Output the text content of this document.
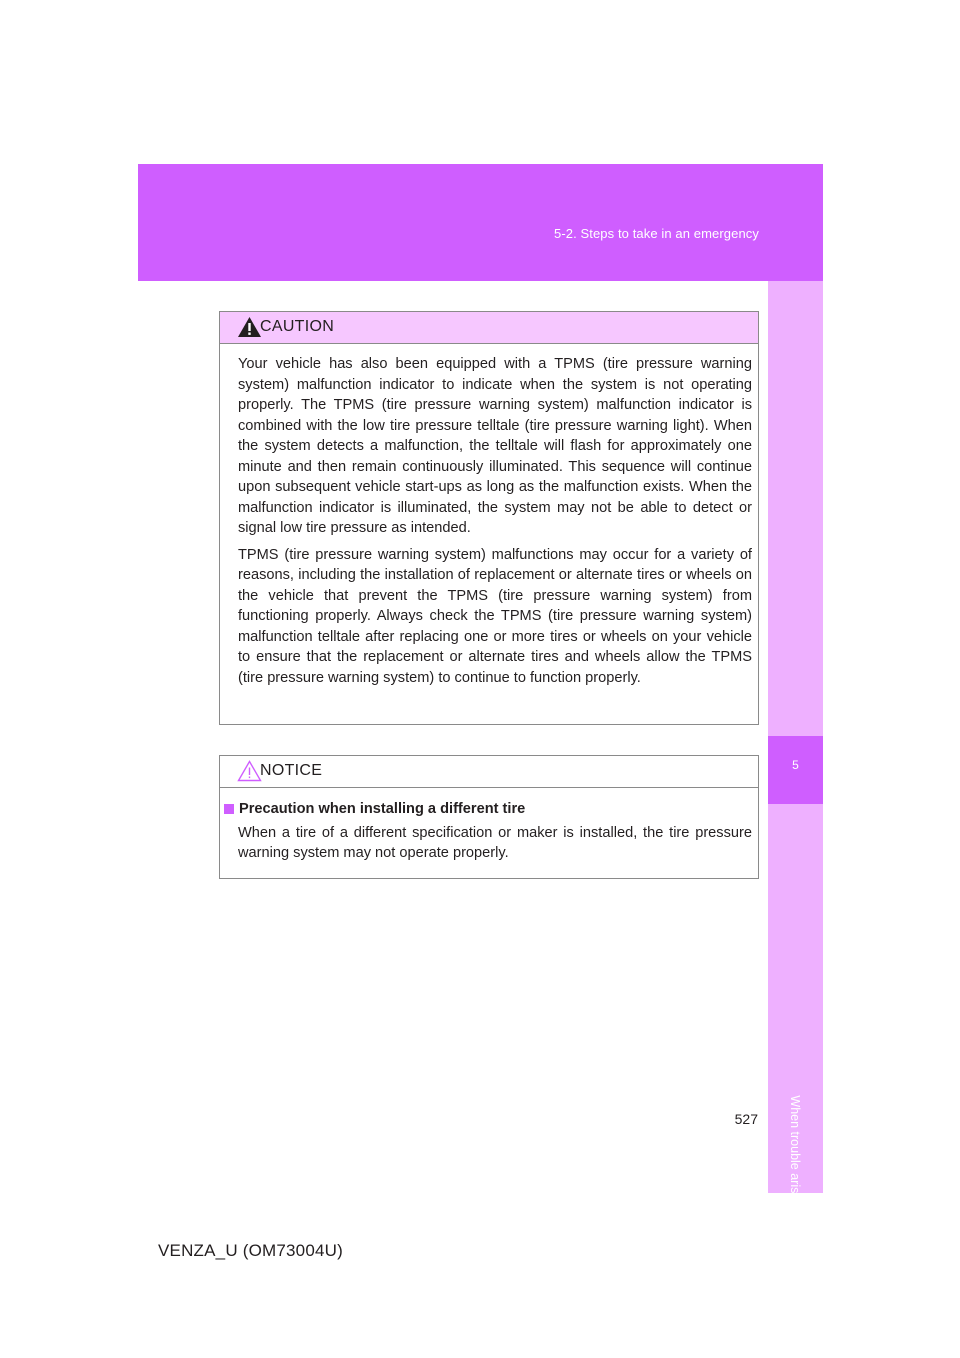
5-2. Steps to take in an emergency
5
When trouble arises
CAUTION

Your vehicle has also been equipped with a TPMS (tire pressure warning system) malfunction indicator to indicate when the system is not operating properly. The TPMS (tire pressure warning system) malfunction indicator is combined with the low tire pressure telltale (tire pressure warning light). When the system detects a malfunction, the telltale will flash for approximately one minute and then remain continuously illuminated. This sequence will continue upon subsequent vehicle start-ups as long as the malfunction exists. When the malfunction indicator is illuminated, the system may not be able to detect or signal low tire pressure as intended.

TPMS (tire pressure warning system) malfunctions may occur for a variety of reasons, including the installation of replacement or alternate tires or wheels on the vehicle that prevent the TPMS (tire pressure warning system) from functioning properly. Always check the TPMS (tire pressure warning system) malfunction telltale after replacing one or more tires or wheels on your vehicle to ensure that the replacement or alternate tires and wheels allow the TPMS (tire pressure warning system) to continue to function properly.

NOTICE
Precaution when installing a different tire

When a tire of a different specification or maker is installed, the tire pressure warning system may not operate properly.

527
VENZA_U (OM73004U)
